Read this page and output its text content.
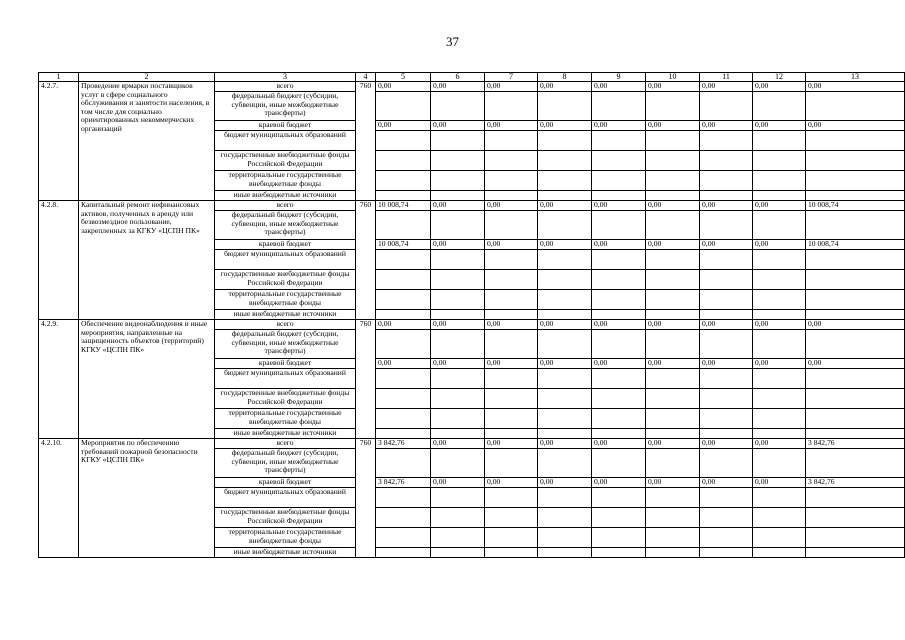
37
1	2	3	4	5	6	7	8	9	10	11	12	13
4.2.7.	Проведение ярмарки поставщиков услуг в сфере социального обслуживания и занятости населения, в том числе для социально ориентированных некоммерческих организаций	всего	760	0,00	0,00	0,00	0,00	0,00	0,00	0,00	0,00	0,00
		федеральный бюджет (субсидии, субвенции, иные межбюджетные трансферты)										
		краевой бюджет		0,00	0,00	0,00	0,00	0,00	0,00	0,00	0,00	0,00
		бюджет муниципальных образований										
		государственные внебюджетные фонды Российской Федерации										
		территориальные государственные внебюджетные фонды										
		иные внебюджетные источники										
4.2.8.	Капитальный ремонт нефинансовых активов, полученных в аренду или безвозмездное пользование, закрепленных за КГКУ «ЦСПН ПК»	всего	760	10 008,74	0,00	0,00	0,00	0,00	0,00	0,00	0,00	10 008,74
		федеральный бюджет (субсидии, субвенции, иные межбюджетные трансферты)										
		краевой бюджет		10 008,74	0,00	0,00	0,00	0,00	0,00	0,00	0,00	10 008,74
		бюджет муниципальных образований										
		государственные внебюджетные фонды Российской Федерации										
		территориальные государственные внебюджетные фонды										
		иные внебюджетные источники										
4.2.9.	Обеспечение видеонаблюдения и иные мероприятия, направленные на защищенность объектов (территорий) КГКУ «ЦСПН ПК»	всего	760	0,00	0,00	0,00	0,00	0,00	0,00	0,00	0,00	0,00
		федеральный бюджет (субсидии, субвенции, иные межбюджетные трансферты)										
		краевой бюджет		0,00	0,00	0,00	0,00	0,00	0,00	0,00	0,00	0,00
		бюджет муниципальных образований										
		государственные внебюджетные фонды Российской Федерации										
		территориальные государственные внебюджетные фонды										
		иные внебюджетные источники										
4.2.10.	Мероприятия по обеспечению требований пожарной безопасности КГКУ «ЦСПН ПК»	всего	760	3 842,76	0,00	0,00	0,00	0,00	0,00	0,00	0,00	3 842,76
		федеральный бюджет (субсидии, субвенции, иные межбюджетные трансферты)										
		краевой бюджет		3 842,76	0,00	0,00	0,00	0,00	0,00	0,00	0,00	3 842,76
		бюджет муниципальных образований										
		государственные внебюджетные фонды Российской Федерации										
		территориальные государственные внебюджетные фонды										
		иные внебюджетные источники										
